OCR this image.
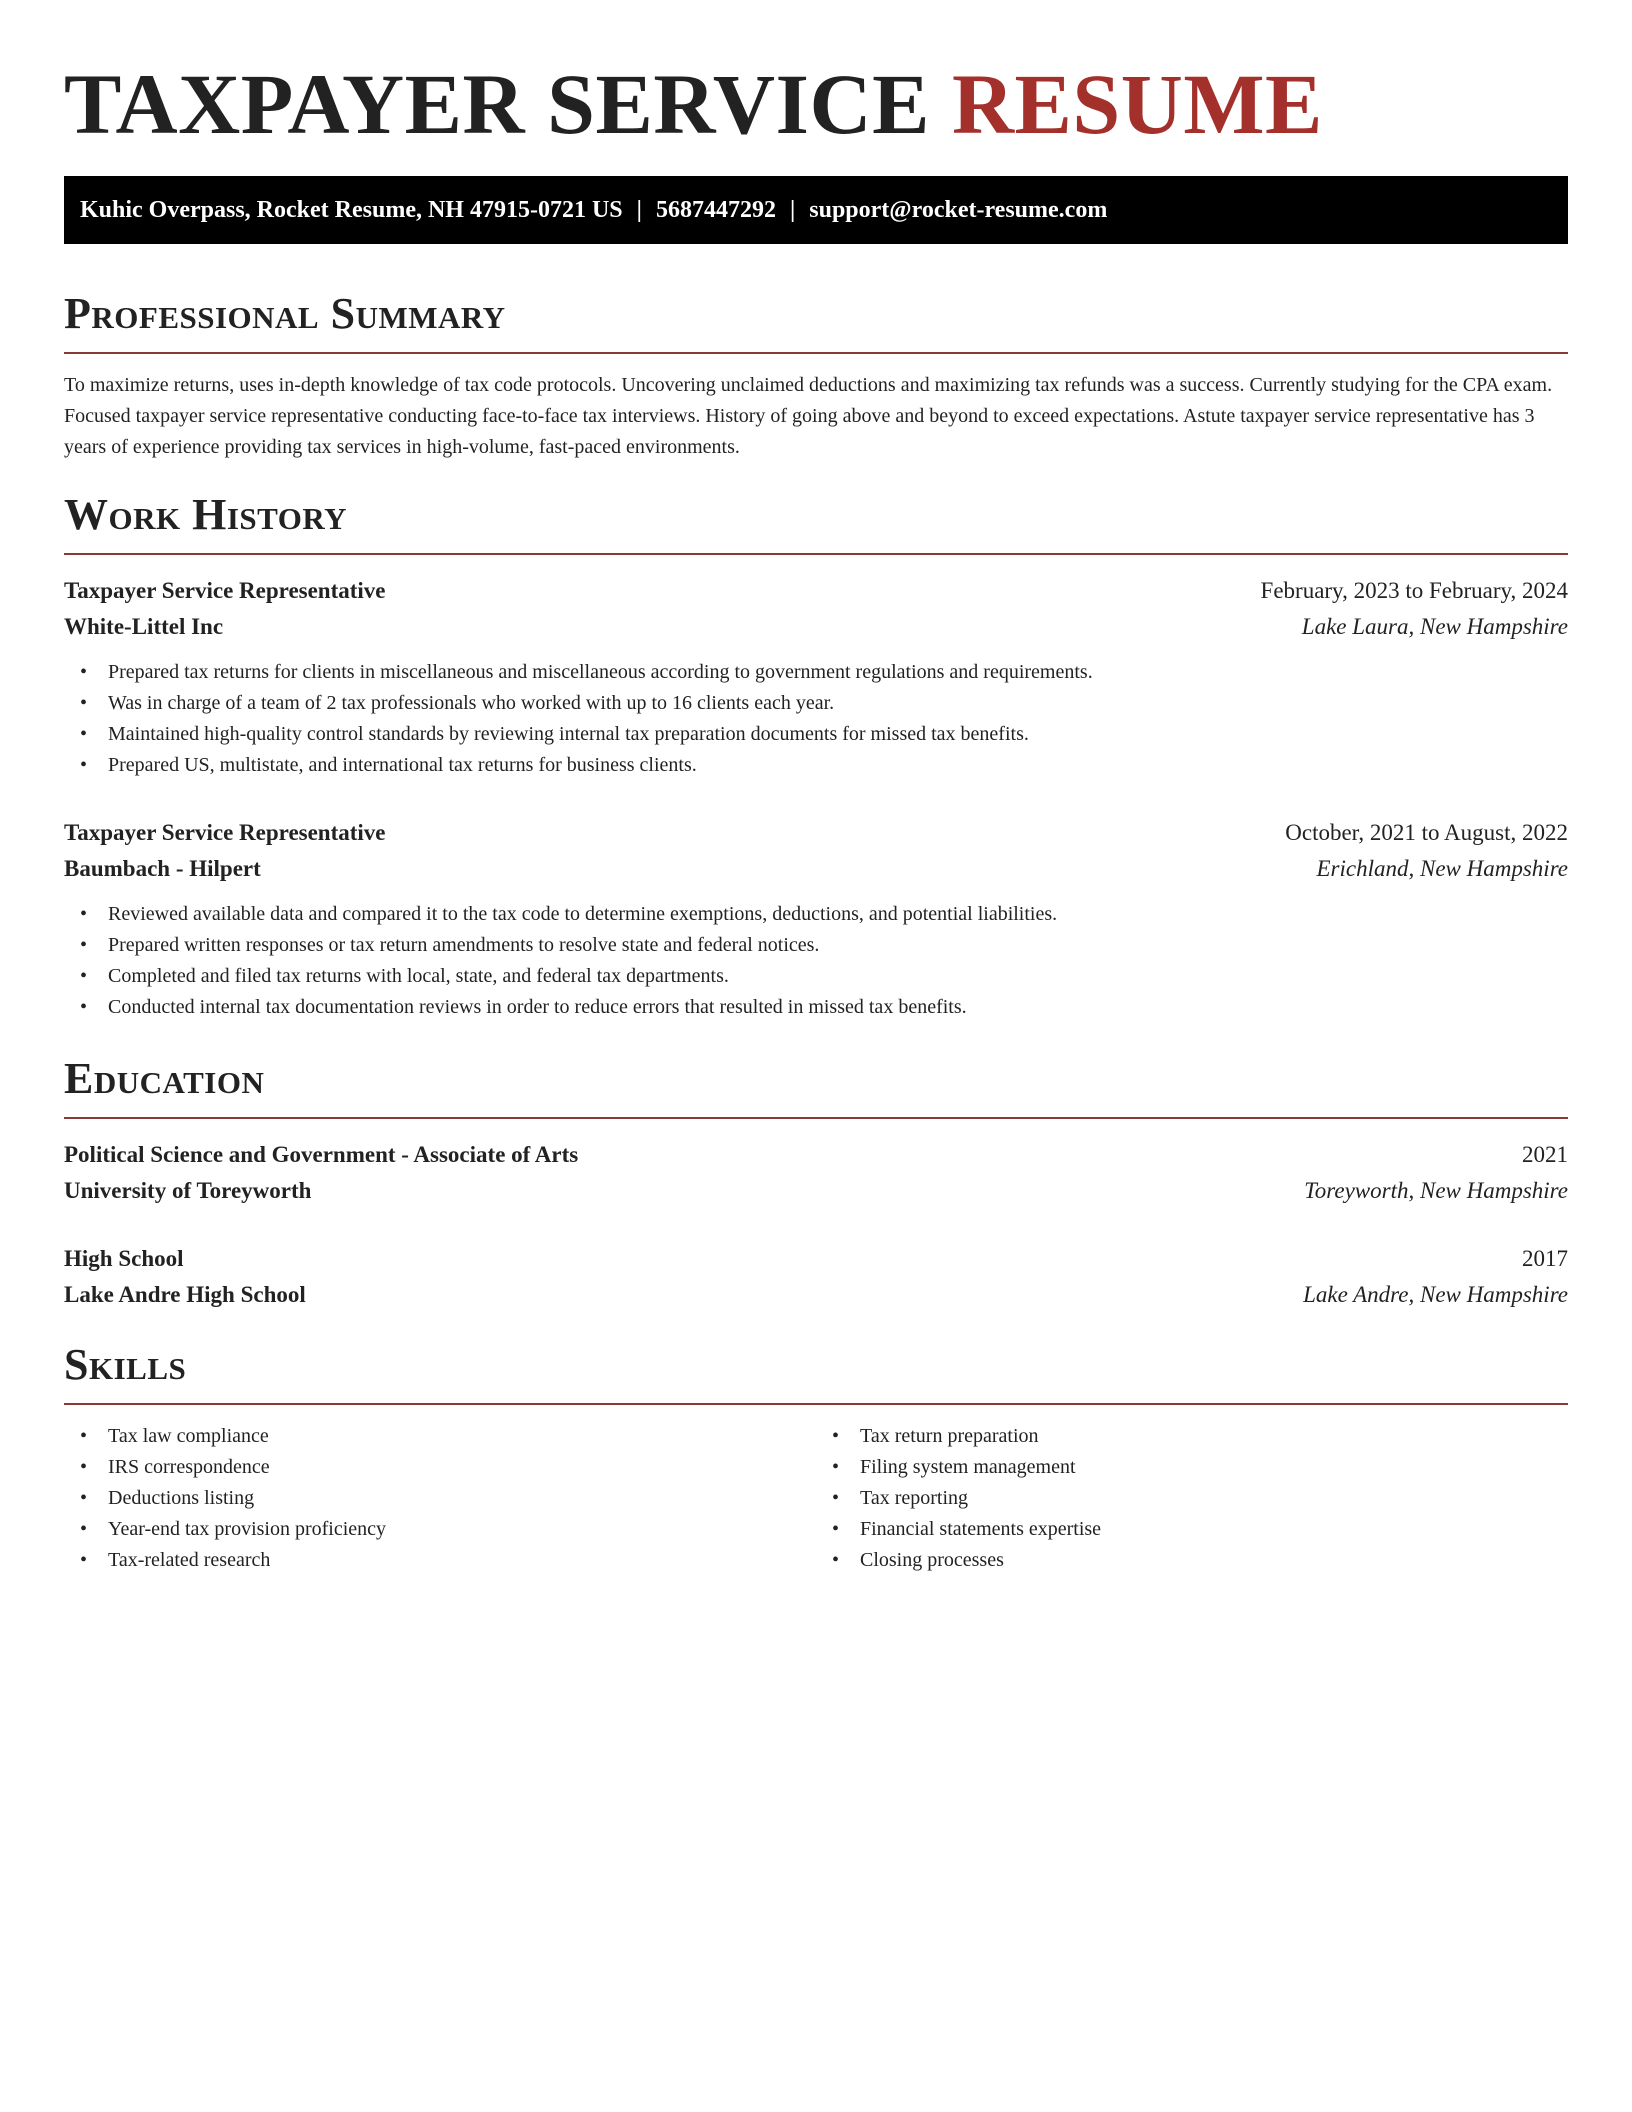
TAXPAYER SERVICE RESUME
Kuhic Overpass, Rocket Resume, NH 47915-0721 US | 5687447292 | support@rocket-resume.com
Professional Summary

To maximize returns, uses in-depth knowledge of tax code protocols. Uncovering unclaimed deductions and maximizing tax refunds was a success. Currently studying for the CPA exam. Focused taxpayer service representative conducting face-to-face tax interviews. History of going above and beyond to exceed expectations. Astute taxpayer service representative has 3 years of experience providing tax services in high-volume, fast-paced environments.

Work History
Taxpayer Service Representative	February, 2023 to February, 2024
White-Littel Inc	Lake Laura, New Hampshire
• Prepared tax returns for clients in miscellaneous and miscellaneous according to government regulations and requirements.
• Was in charge of a team of 2 tax professionals who worked with up to 16 clients each year.
• Maintained high-quality control standards by reviewing internal tax preparation documents for missed tax benefits.
• Prepared US, multistate, and international tax returns for business clients.
Taxpayer Service Representative	October, 2021 to August, 2022
Baumbach - Hilpert	Erichland, New Hampshire
• Reviewed available data and compared it to the tax code to determine exemptions, deductions, and potential liabilities.
• Prepared written responses or tax return amendments to resolve state and federal notices.
• Completed and filed tax returns with local, state, and federal tax departments.
• Conducted internal tax documentation reviews in order to reduce errors that resulted in missed tax benefits.
Education
Political Science and Government - Associate of Arts	2021
University of Toreyworth	Toreyworth, New Hampshire
High School	2017
Lake Andre High School	Lake Andre, New Hampshire
Skills
• Tax law compliance
• IRS correspondence
• Deductions listing
• Year-end tax provision proficiency
• Tax-related research
• Tax return preparation
• Filing system management
• Tax reporting
• Financial statements expertise
• Closing processes
